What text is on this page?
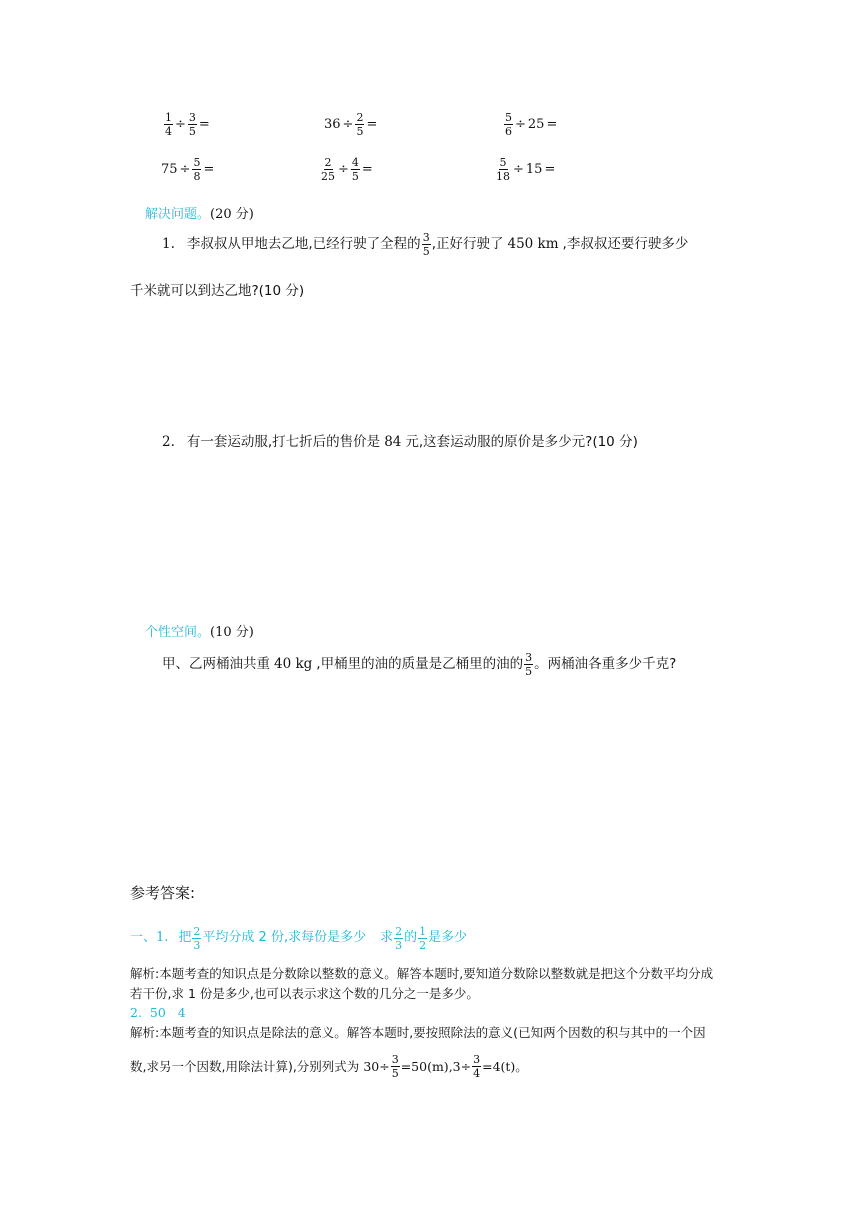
$\frac{1}{4} \div \frac{3}{5}$ =	$36 \div \frac{2}{5}$ =	$\frac{5}{6} \div 25$ =
$75 \div \frac{5}{8}$ =	$\frac{2}{25} \div \frac{4}{5}$ =	$\frac{5}{18} \div 15$ =
解决问题。(20 分)
1. 李叔叔从甲地去乙地,已经行驶了全程的 $\frac{3}{5}$ ,正好行驶了 450 km ,李叔叔还要行驶多少
千米就可以到达乙地?(10 分)
2. 有一套运动服,打七折后的售价是 84 元,这套运动服的原价是多少元?(10 分)
个性空间。(10 分)
甲、乙两桶油共重 40 kg ,甲桶里的油的质量是乙桶里的油的 $\frac{3}{5}$ 。两桶油各重多少千克?
参考答案:
一、1. 把 $\frac{2}{3}$ 平均分成 2 份,求每份是多少 求 $\frac{2}{3}$ 的 $\frac{1}{2}$ 是多少
解析:本题考查的知识点是分数除以整数的意义。解答本题时,要知道分数除以整数就是把这个分数平均分成
若干份,求 1 份是多少,也可以表示求这个数的几分之一是多少。
2.  50   4
解析:本题考查的知识点是除法的意义。解答本题时,要按照除法的意义(已知两个因数的积与其中的一个因
数,求另一个因数,用除法计算),分别列式为 $30\div \frac{3}{5} =50(m),3\div \frac{3}{4} =4(t)$。
